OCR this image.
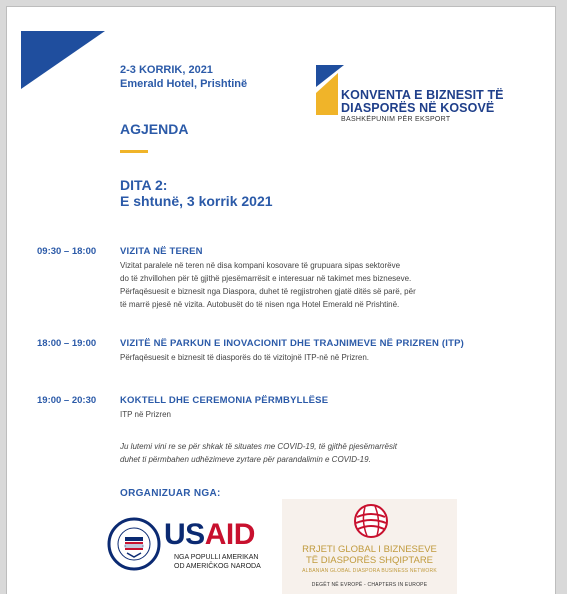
2-3 KORRIK, 2021
Emerald Hotel, Prishtinë
KONVENTA E BIZNESIT TË
DIASPORËS NË KOSOVË
BASHKËPUNIM PËR EKSPORT
AGJENDA
DITA 2:
E shtunë, 3 korrik 2021
09:30 – 18:00	VIZITA NË TEREN
Vizitat paralele në teren në disa kompani kosovare të grupuara sipas sektorëve
do të zhvillohen për të gjithë pjesëmarrësit e interesuar në takimet mes bizneseve.
Përfaqësuesit e biznesit nga Diaspora, duhet të regjistrohen gjatë ditës së parë, për
të marrë pjesë në vizita. Autobusët do të nisen nga Hotel Emerald në Prishtinë.
18:00 – 19:00	VIZITË NË PARKUN E INOVACIONIT DHE TRAJNIMEVE NË PRIZREN (ITP)
Përfaqësuesit e biznesit të diasporës do të vizitojnë ITP-në në Prizren.
19:00 – 20:30	KOKTELL DHE CEREMONIA PËRMBYLLËSE
ITP në Prizren
Ju lutemi vini re se për shkak të situates me COVID-19, të gjithë pjesëmarrësit
duhet ti përmbahen udhëzimeve zyrtare për parandalimin e COVID-19.
ORGANIZUAR NGA:
USAID
NGA POPULLI AMERIKAN
OD AMERIČKOG NARODA
RRJETI GLOBAL I BIZNESEVE
TË DIASPORËS SHQIPTARE
ALBANIAN GLOBAL DIASPORA BUSINESS NETWORK
DEGËT NË EVROPË - CHAPTERS IN EUROPE
